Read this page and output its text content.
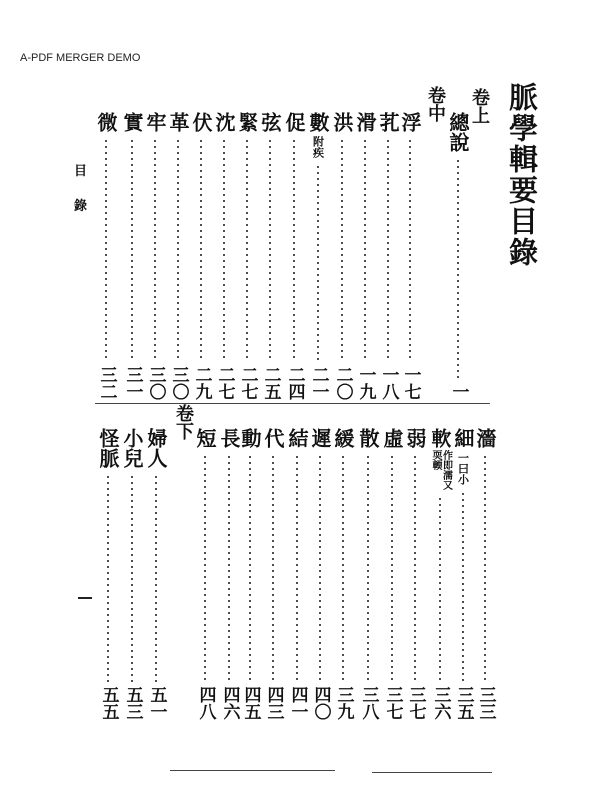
A-PDF MERGER DEMO
目
錄	脈學輯要目錄
卷上
卷中
卷下
總說
一
浮
一七
芤
一八
滑
一九
洪
二〇
數
附疾
二一
促
二四
弦
二五
緊
二七
沈
二七
伏
二九
革
三〇
牢
三〇
實
三一
微
三二
濇
三三
細
一曰小
三五
軟
作即濡又
耎輭
三六
弱
三七
虛
三七
散
三八
緩
三九
遲
四〇
結
四一
代
四三
動
四五
長
四六
短
四八
婦人
五一
小兒
五三
怪脈
五五
